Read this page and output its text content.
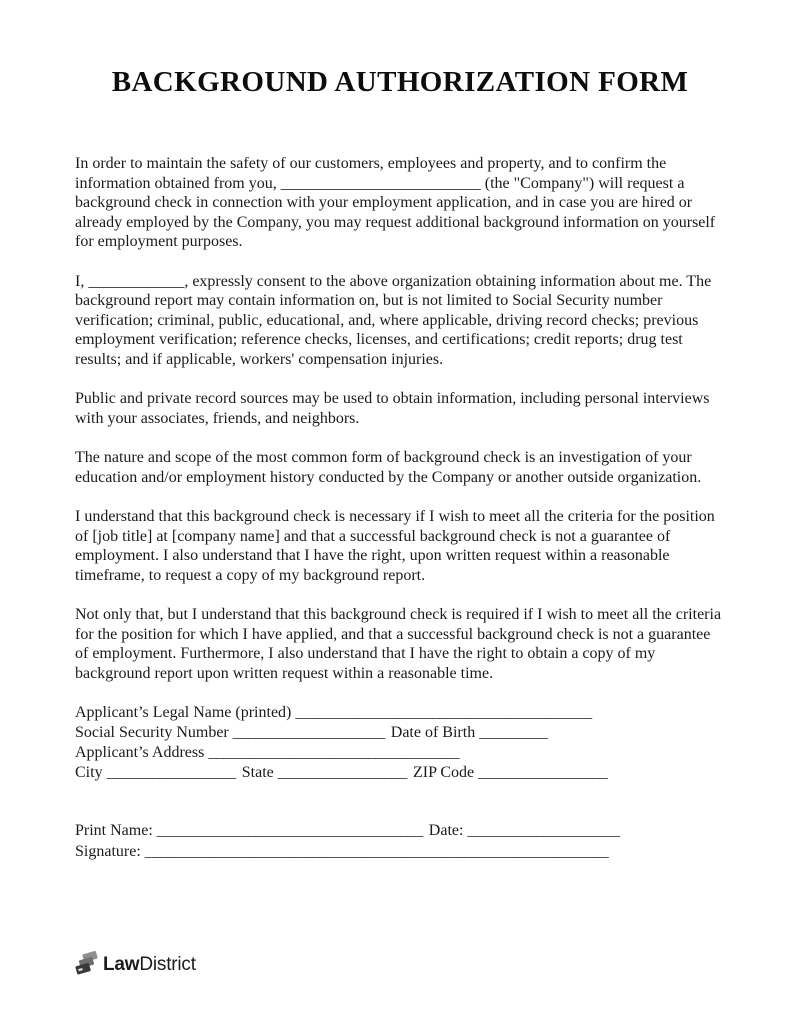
BACKGROUND AUTHORIZATION FORM

In order to maintain the safety of our customers, employees and property, and to confirm the information obtained from you, _________________________ (the "Company") will request a background check in connection with your employment application, and in case you are hired or already employed by the Company, you may request additional background information on yourself for employment purposes.

I, ____________, expressly consent to the above organization obtaining information about me. The background report may contain information on, but is not limited to Social Security number verification; criminal, public, educational, and, where applicable, driving record checks; previous employment verification; reference checks, licenses, and certifications; credit reports; drug test results; and if applicable, workers' compensation injuries.

Public and private record sources may be used to obtain information, including personal interviews with your associates, friends, and neighbors.

The nature and scope of the most common form of background check is an investigation of your education and/or employment history conducted by the Company or another outside organization.

I understand that this background check is necessary if I wish to meet all the criteria for the position of [job title] at [company name] and that a successful background check is not a guarantee of employment. I also understand that I have the right, upon written request within a reasonable timeframe, to request a copy of my background report.

Not only that, but I understand that this background check is required if I wish to meet all the criteria for the position for which I have applied, and that a successful background check is not a guarantee of employment. Furthermore, I also understand that I have the right to obtain a copy of my background report upon written request within a reasonable time.

Applicant’s Legal Name (printed) _______________________________________
Social Security Number ____________________ Date of Birth _________
Applicant’s Address _________________________________
City _________________ State _________________ ZIP Code _________________
Print Name: ___________________________________ Date: ____________________
Signature: _____________________________________________________________
LawDistrict
